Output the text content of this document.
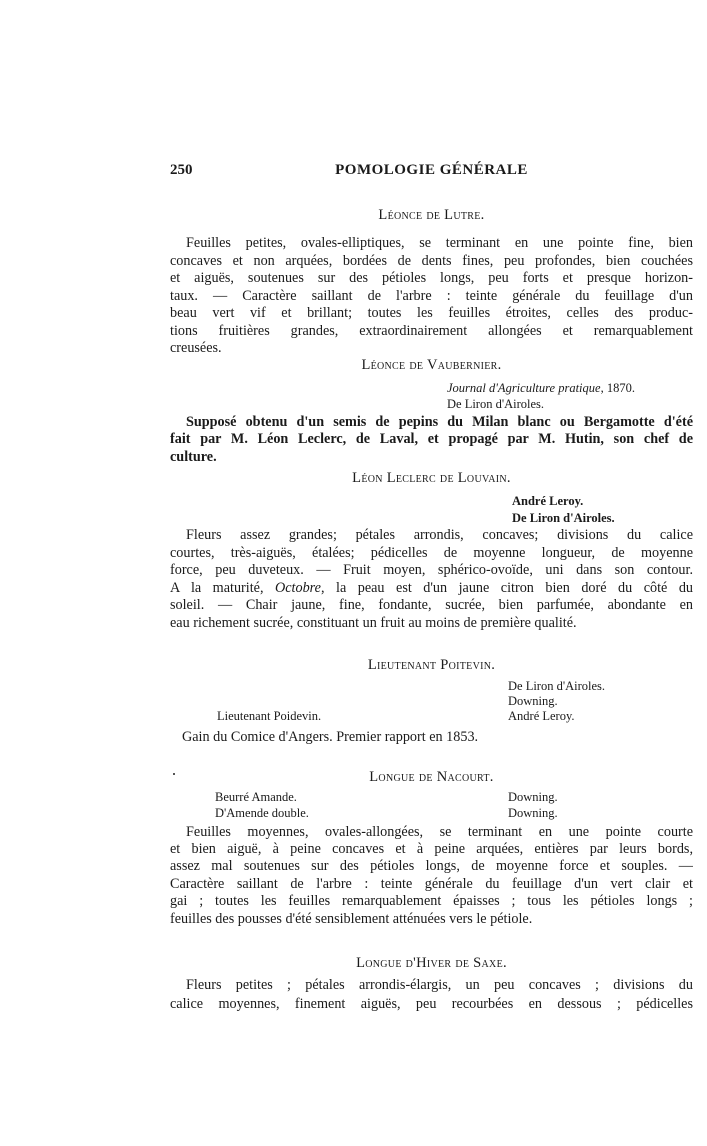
250	POMOLOGIE GÉNÉRALE
Léonce de Lutre.
Feuilles petites, ovales-elliptiques, se terminant en une pointe fine, bien
concaves et non arquées, bordées de dents fines, peu profondes, bien couchées
et aiguës, soutenues sur des pétioles longs, peu forts et presque horizon-
taux. — Caractère saillant de l'arbre : teinte générale du feuillage d'un
beau vert vif et brillant; toutes les feuilles étroites, celles des produc-
tions fruitières grandes, extraordinairement allongées et remarquablement
creusées.
Léonce de Vaubernier.
Journal d'Agriculture pratique, 1870.
De Liron d'Airoles.
Supposé obtenu d'un semis de pepins du Milan blanc ou Bergamotte d'été
fait par M. Léon Leclerc, de Laval, et propagé par M. Hutin, son chef de
culture.
Léon Leclerc de Louvain.
André Leroy.
De Liron d'Airoles.
Fleurs assez grandes; pétales arrondis, concaves; divisions du calice
courtes, très-aiguës, étalées; pédicelles de moyenne longueur, de moyenne
force, peu duveteux. — Fruit moyen, sphérico-ovoïde, uni dans son contour.
A la maturité, Octobre, la peau est d'un jaune citron bien doré du côté du
soleil. — Chair jaune, fine, fondante, sucrée, bien parfumée, abondante en
eau richement sucrée, constituant un fruit au moins de première qualité.
Lieutenant Poitevin.
De Liron d'Airoles.
Downing.
Lieutenant Poidevin.	André Leroy.
Gain du Comice d'Angers. Premier rapport en 1853.
Longue de Nacourt.
Beurré Amande.	Downing.
D'Amende double.	Downing.
Feuilles moyennes, ovales-allongées, se terminant en une pointe courte
et bien aiguë, à peine concaves et à peine arquées, entières par leurs bords,
assez mal soutenues sur des pétioles longs, de moyenne force et souples. —
Caractère saillant de l'arbre : teinte générale du feuillage d'un vert clair et
gai ; toutes les feuilles remarquablement épaisses ; tous les pétioles longs ;
feuilles des pousses d'été sensiblement atténuées vers le pétiole.
Longue d'Hiver de Saxe.
Fleurs petites ; pétales arrondis-élargis, un peu concaves ; divisions du
calice moyennes, finement aiguës, peu recourbées en dessous ; pédicelles
